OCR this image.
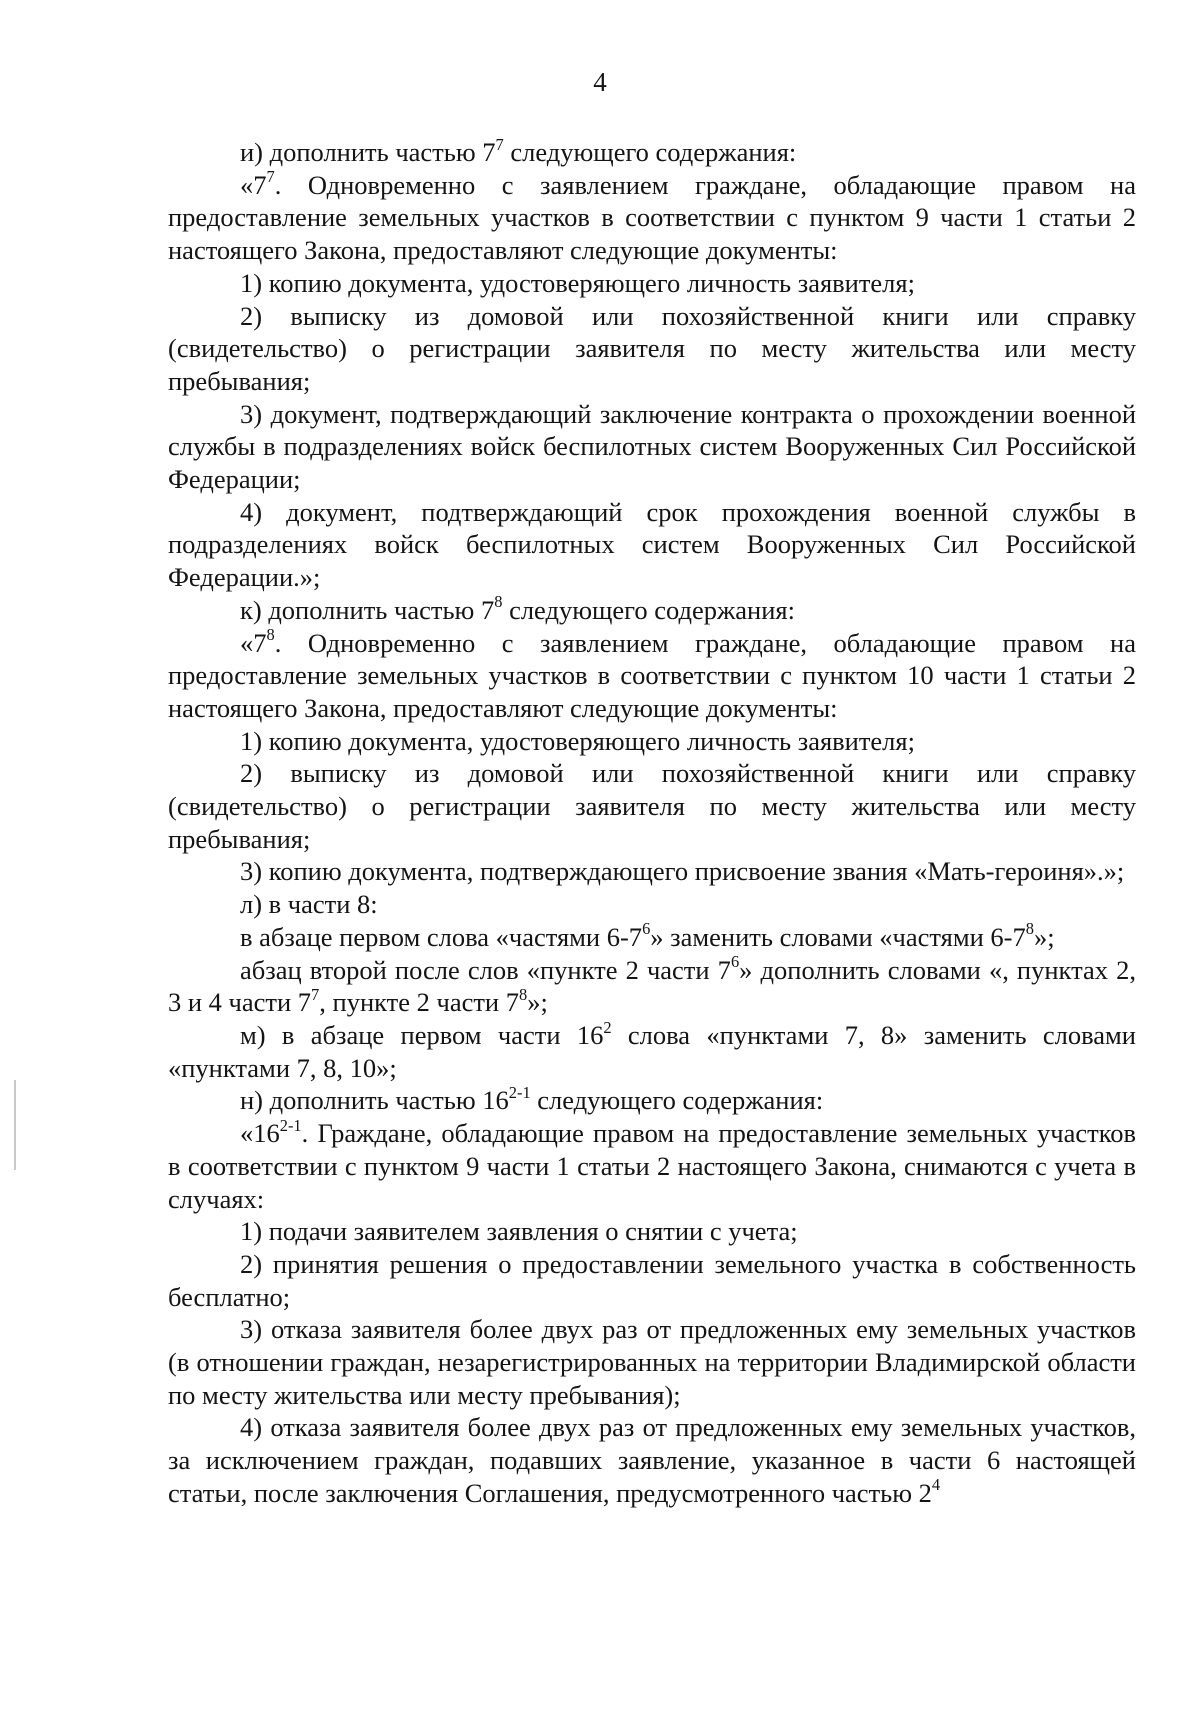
4

и) дополнить частью $7^7$ следующего содержания:

«$7^7$. Одновременно с заявлением граждане, обладающие правом на предоставление земельных участков в соответствии с пунктом 9 части 1 статьи 2 настоящего Закона, предоставляют следующие документы:

1) копию документа, удостоверяющего личность заявителя;

2) выписку из домовой или похозяйственной книги или справку (свидетельство) о регистрации заявителя по месту жительства или месту пребывания;

3) документ, подтверждающий заключение контракта о прохождении военной службы в подразделениях войск беспилотных систем Вооруженных Сил Российской Федерации;

4) документ, подтверждающий срок прохождения военной службы в подразделениях войск беспилотных систем Вооруженных Сил Российской Федерации.»;

к) дополнить частью $7^8$ следующего содержания:

«$7^8$. Одновременно с заявлением граждане, обладающие правом на предоставление земельных участков в соответствии с пунктом 10 части 1 статьи 2 настоящего Закона, предоставляют следующие документы:

1) копию документа, удостоверяющего личность заявителя;

2) выписку из домовой или похозяйственной книги или справку (свидетельство) о регистрации заявителя по месту жительства или месту пребывания;

3) копию документа, подтверждающего присвоение звания «Мать-героиня».»;

л) в части 8:

в абзаце первом слова «частями $6-7^6$» заменить словами «частями $6-7^8$»;

абзац второй после слов «пункте 2 части $7^6$» дополнить словами «, пунктах 2, 3 и 4 части $7^7$, пункте 2 части $7^8$»;

м) в абзаце первом части $16^2$ слова «пунктами 7, 8» заменить словами «пунктами 7, 8, 10»;

н) дополнить частью 16$^{2-1}$ следующего содержания:

«16$^{2-1}$. Граждане, обладающие правом на предоставление земельных участков в соответствии с пунктом 9 части 1 статьи 2 настоящего Закона, снимаются с учета в случаях:

1) подачи заявителем заявления о снятии с учета;

2) принятия решения о предоставлении земельного участка в собственность бесплатно;

3) отказа заявителя более двух раз от предложенных ему земельных участков (в отношении граждан, незарегистрированных на территории Владимирской области по месту жительства или месту пребывания);

4) отказа заявителя более двух раз от предложенных ему земельных участков, за исключением граждан, подавших заявление, указанное в части 6 настоящей статьи, после заключения Соглашения, предусмотренного частью $2^4$
